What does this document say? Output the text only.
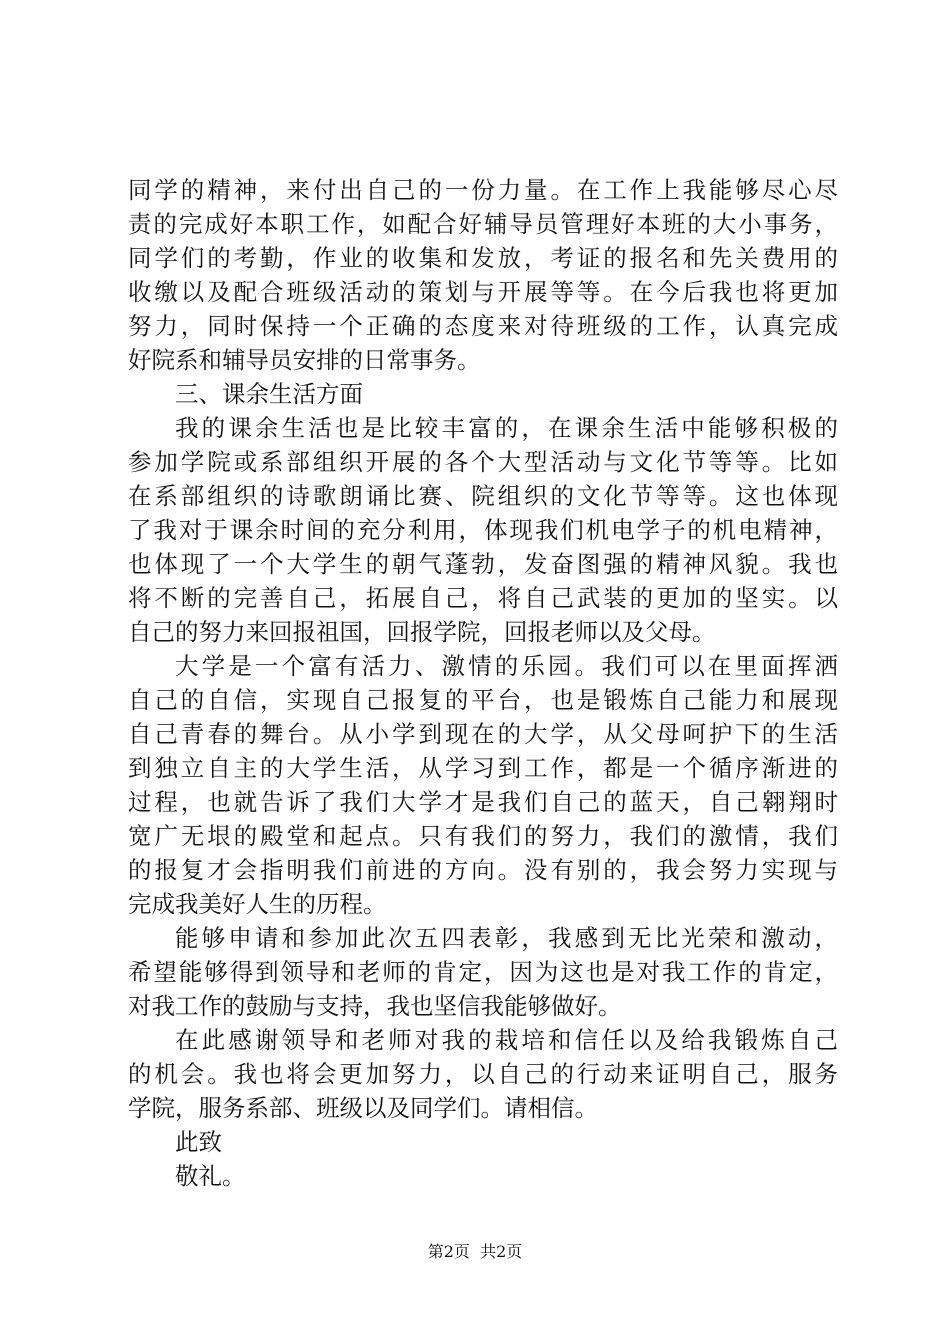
同学的精神，来付出自己的一份力量。在工作上我能够尽心尽
责的完成好本职工作，如配合好辅导员管理好本班的大小事务，
同学们的考勤，作业的收集和发放，考证的报名和先关费用的
收缴以及配合班级活动的策划与开展等等。在今后我也将更加
努力，同时保持一个正确的态度来对待班级的工作，认真完成
好院系和辅导员安排的日常事务。
三、课余生活方面
我的课余生活也是比较丰富的，在课余生活中能够积极的
参加学院或系部组织开展的各个大型活动与文化节等等。比如
在系部组织的诗歌朗诵比赛、院组织的文化节等等。这也体现
了我对于课余时间的充分利用，体现我们机电学子的机电精神，
也体现了一个大学生的朝气蓬勃，发奋图强的精神风貌。我也
将不断的完善自己，拓展自己，将自己武装的更加的坚实。以
自己的努力来回报祖国，回报学院，回报老师以及父母。
大学是一个富有活力、激情的乐园。我们可以在里面挥洒
自己的自信，实现自己报复的平台，也是锻炼自己能力和展现
自己青春的舞台。从小学到现在的大学，从父母呵护下的生活
到独立自主的大学生活，从学习到工作，都是一个循序渐进的
过程，也就告诉了我们大学才是我们自己的蓝天，自己翱翔时
宽广无垠的殿堂和起点。只有我们的努力，我们的激情，我们
的报复才会指明我们前进的方向。没有别的，我会努力实现与
完成我美好人生的历程。
能够申请和参加此次五四表彰，我感到无比光荣和激动，
希望能够得到领导和老师的肯定，因为这也是对我工作的肯定，
对我工作的鼓励与支持，我也坚信我能够做好。
在此感谢领导和老师对我的栽培和信任以及给我锻炼自己
的机会。我也将会更加努力，以自己的行动来证明自己，服务
学院，服务系部、班级以及同学们。请相信。
此致
敬礼。
第2页 共2页
